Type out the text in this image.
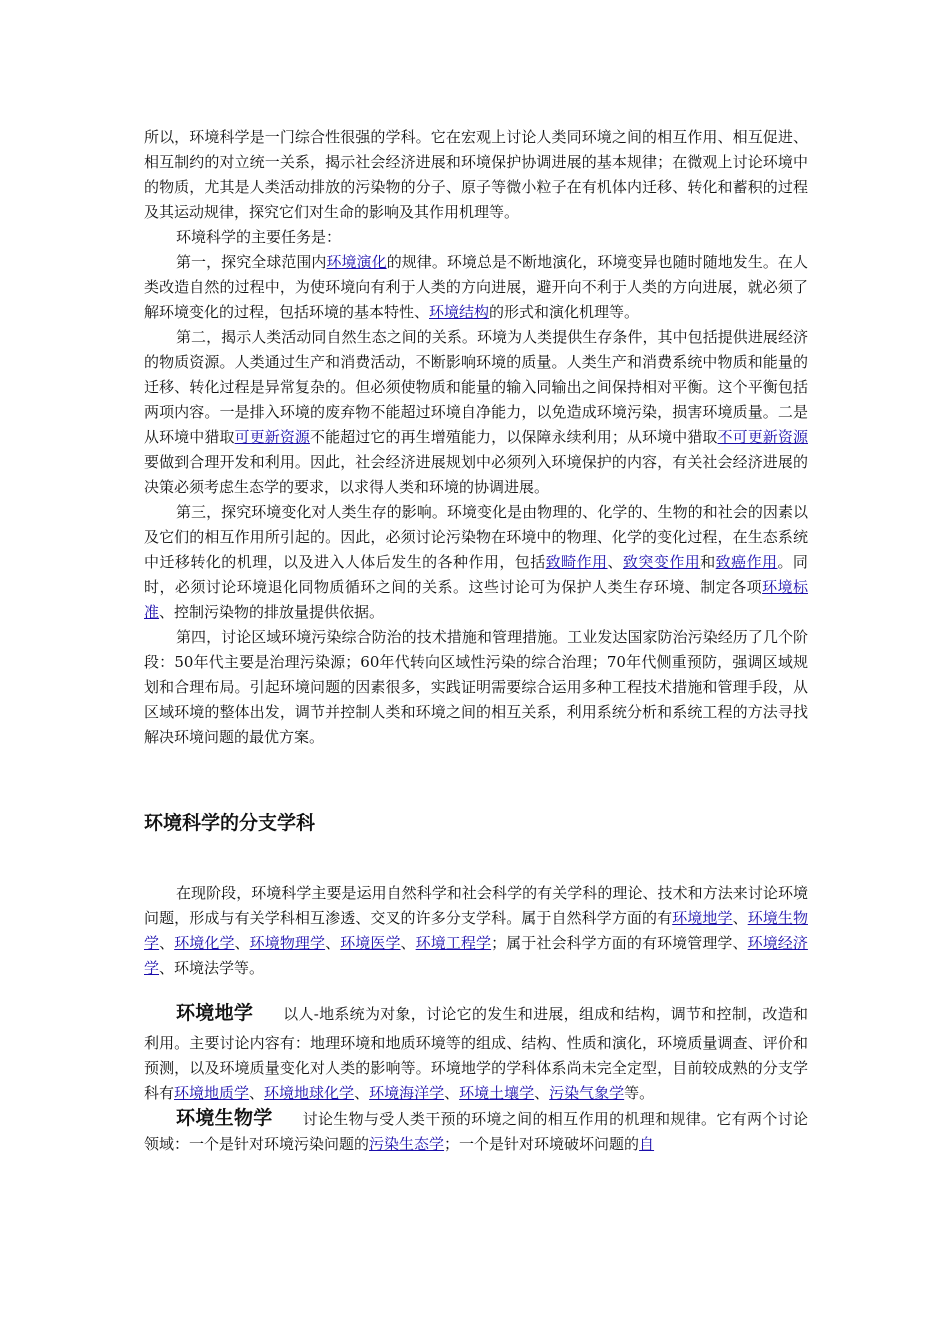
所以，环境科学是一门综合性很强的学科。它在宏观上讨论人类同环境之间的相互作用、相互促进、相互制约的对立统一关系，揭示社会经济进展和环境保护协调进展的基本规律；在微观上讨论环境中的物质，尤其是人类活动排放的污染物的分子、原子等微小粒子在有机体内迁移、转化和蓄积的过程及其运动规律，探究它们对生命的影响及其作用机理等。

环境科学的主要任务是：

第一，探究全球范围内环境演化的规律。环境总是不断地演化，环境变异也随时随地发生。在人类改造自然的过程中，为使环境向有利于人类的方向进展，避开向不利于人类的方向进展，就必须了解环境变化的过程，包括环境的基本特性、环境结构的形式和演化机理等。

第二，揭示人类活动同自然生态之间的关系。环境为人类提供生存条件，其中包括提供进展经济的物质资源。人类通过生产和消费活动，不断影响环境的质量。人类生产和消费系统中物质和能量的迁移、转化过程是异常复杂的。但必须使物质和能量的输入同输出之间保持相对平衡。这个平衡包括两项内容。一是排入环境的废弃物不能超过环境自净能力，以免造成环境污染，损害环境质量。二是从环境中猎取可更新资源不能超过它的再生增殖能力，以保障永续利用；从环境中猎取不可更新资源要做到合理开发和利用。因此，社会经济进展规划中必须列入环境保护的内容，有关社会经济进展的决策必须考虑生态学的要求，以求得人类和环境的协调进展。

第三，探究环境变化对人类生存的影响。环境变化是由物理的、化学的、生物的和社会的因素以及它们的相互作用所引起的。因此，必须讨论污染物在环境中的物理、化学的变化过程，在生态系统中迁移转化的机理，以及进入人体后发生的各种作用，包括致畸作用、致突变作用和致癌作用。同时，必须讨论环境退化同物质循环之间的关系。这些讨论可为保护人类生存环境、制定各项环境标准、控制污染物的排放量提供依据。

第四，讨论区域环境污染综合防治的技术措施和管理措施。工业发达国家防治污染经历了几个阶段：50年代主要是治理污染源；60年代转向区域性污染的综合治理；70年代侧重预防，强调区域规划和合理布局。引起环境问题的因素很多，实践证明需要综合运用多种工程技术措施和管理手段，从区域环境的整体出发，调节并控制人类和环境之间的相互关系，利用系统分析和系统工程的方法寻找解决环境问题的最优方案。

环境科学的分支学科

在现阶段，环境科学主要是运用自然科学和社会科学的有关学科的理论、技术和方法来讨论环境问题，形成与有关学科相互渗透、交叉的许多分支学科。属于自然科学方面的有环境地学、环境生物学、环境化学、环境物理学、环境医学、环境工程学；属于社会科学方面的有环境管理学、环境经济学、环境法学等。

环境地学 以人-地系统为对象，讨论它的发生和进展，组成和结构，调节和控制，改造和利用。主要讨论内容有：地理环境和地质环境等的组成、结构、性质和演化，环境质量调查、评价和预测，以及环境质量变化对人类的影响等。环境地学的学科体系尚未完全定型，目前较成熟的分支学科有环境地质学、环境地球化学、环境海洋学、环境土壤学、污染气象学等。

环境生物学 讨论生物与受人类干预的环境之间的相互作用的机理和规律。它有两个讨论领域：一个是针对环境污染问题的污染生态学；一个是针对环境破坏问题的自
